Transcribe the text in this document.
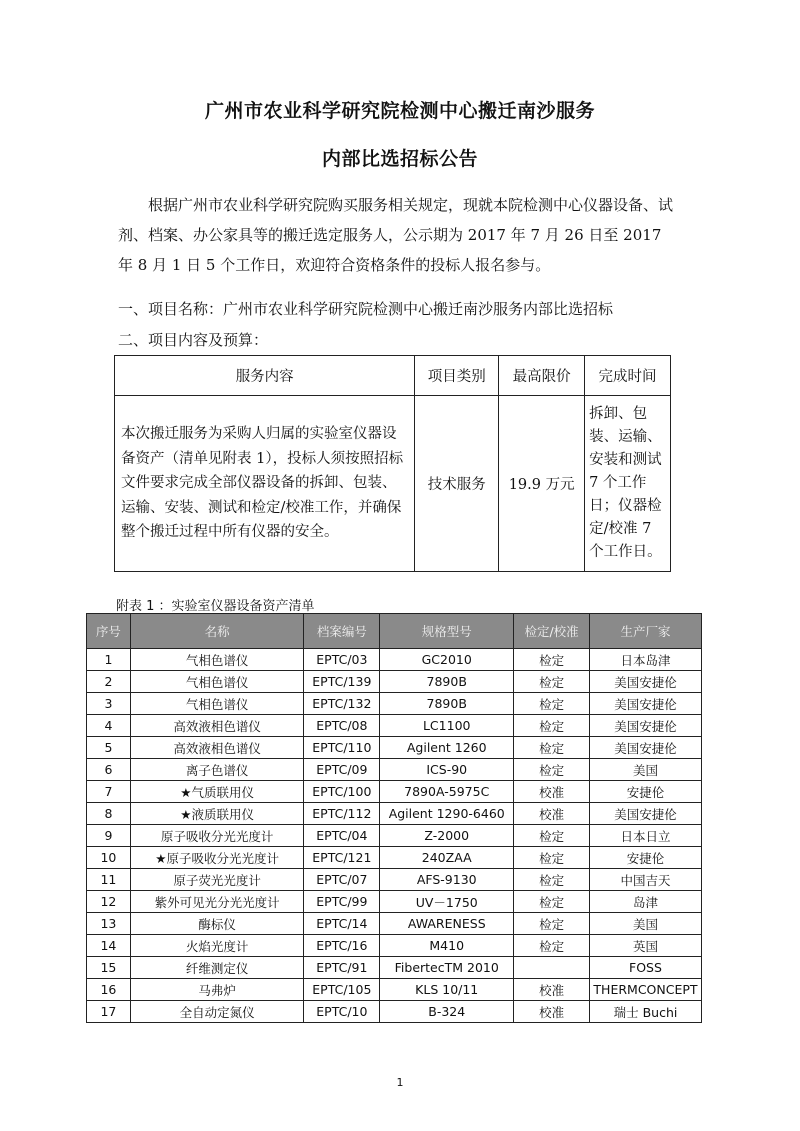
广州市农业科学研究院检测中心搬迁南沙服务
内部比选招标公告
根据广州市农业科学研究院购买服务相关规定，现就本院检测中心仪器设备、试剂、档案、办公家具等的搬迁选定服务人，公示期为 2017 年 7 月 26 日至 2017 年 8 月 1 日 5 个工作日，欢迎符合资格条件的投标人报名参与。
一、项目名称：广州市农业科学研究院检测中心搬迁南沙服务内部比选招标
二、项目内容及预算：
服务内容	项目类别	最高限价	完成时间
本次搬迁服务为采购人归属的实验室仪器设备资产（清单见附表 1），投标人须按照招标文件要求完成全部仪器设备的拆卸、包装、运输、安装、测试和检定/校准工作，并确保整个搬迁过程中所有仪器的安全。	技术服务	19.9 万元	拆卸、包装、运输、安装和测试 7 个工作日；仪器检定/校准 7 个工作日。
附表 1 ：实验室仪器设备资产清单
序号	名称	档案编号	规格型号	检定/校准	生产厂家
1	气相色谱仪	EPTC/03	GC2010	检定	日本岛津
2	气相色谱仪	EPTC/139	7890B	检定	美国安捷伦
3	气相色谱仪	EPTC/132	7890B	检定	美国安捷伦
4	高效液相色谱仪	EPTC/08	LC1100	检定	美国安捷伦
5	高效液相色谱仪	EPTC/110	Agilent 1260	检定	美国安捷伦
6	离子色谱仪	EPTC/09	ICS-90	检定	美国
7	★气质联用仪	EPTC/100	7890A-5975C	校准	安捷伦
8	★液质联用仪	EPTC/112	Agilent 1290-6460	校准	美国安捷伦
9	原子吸收分光光度计	EPTC/04	Z-2000	检定	日本日立
10	★原子吸收分光光度计	EPTC/121	240ZAA	检定	安捷伦
11	原子荧光光度计	EPTC/07	AFS-9130	检定	中国吉天
12	紫外可见光分光光度计	EPTC/99	UV－1750	检定	岛津
13	酶标仪	EPTC/14	AWARENESS	检定	美国
14	火焰光度计	EPTC/16	M410	检定	英国
15	纤维测定仪	EPTC/91	FibertecTM 2010		FOSS
16	马弗炉	EPTC/105	KLS 10/11	校准	THERMCONCEPT
17	全自动定氮仪	EPTC/10	B-324	校准	瑞士 Buchi
1
